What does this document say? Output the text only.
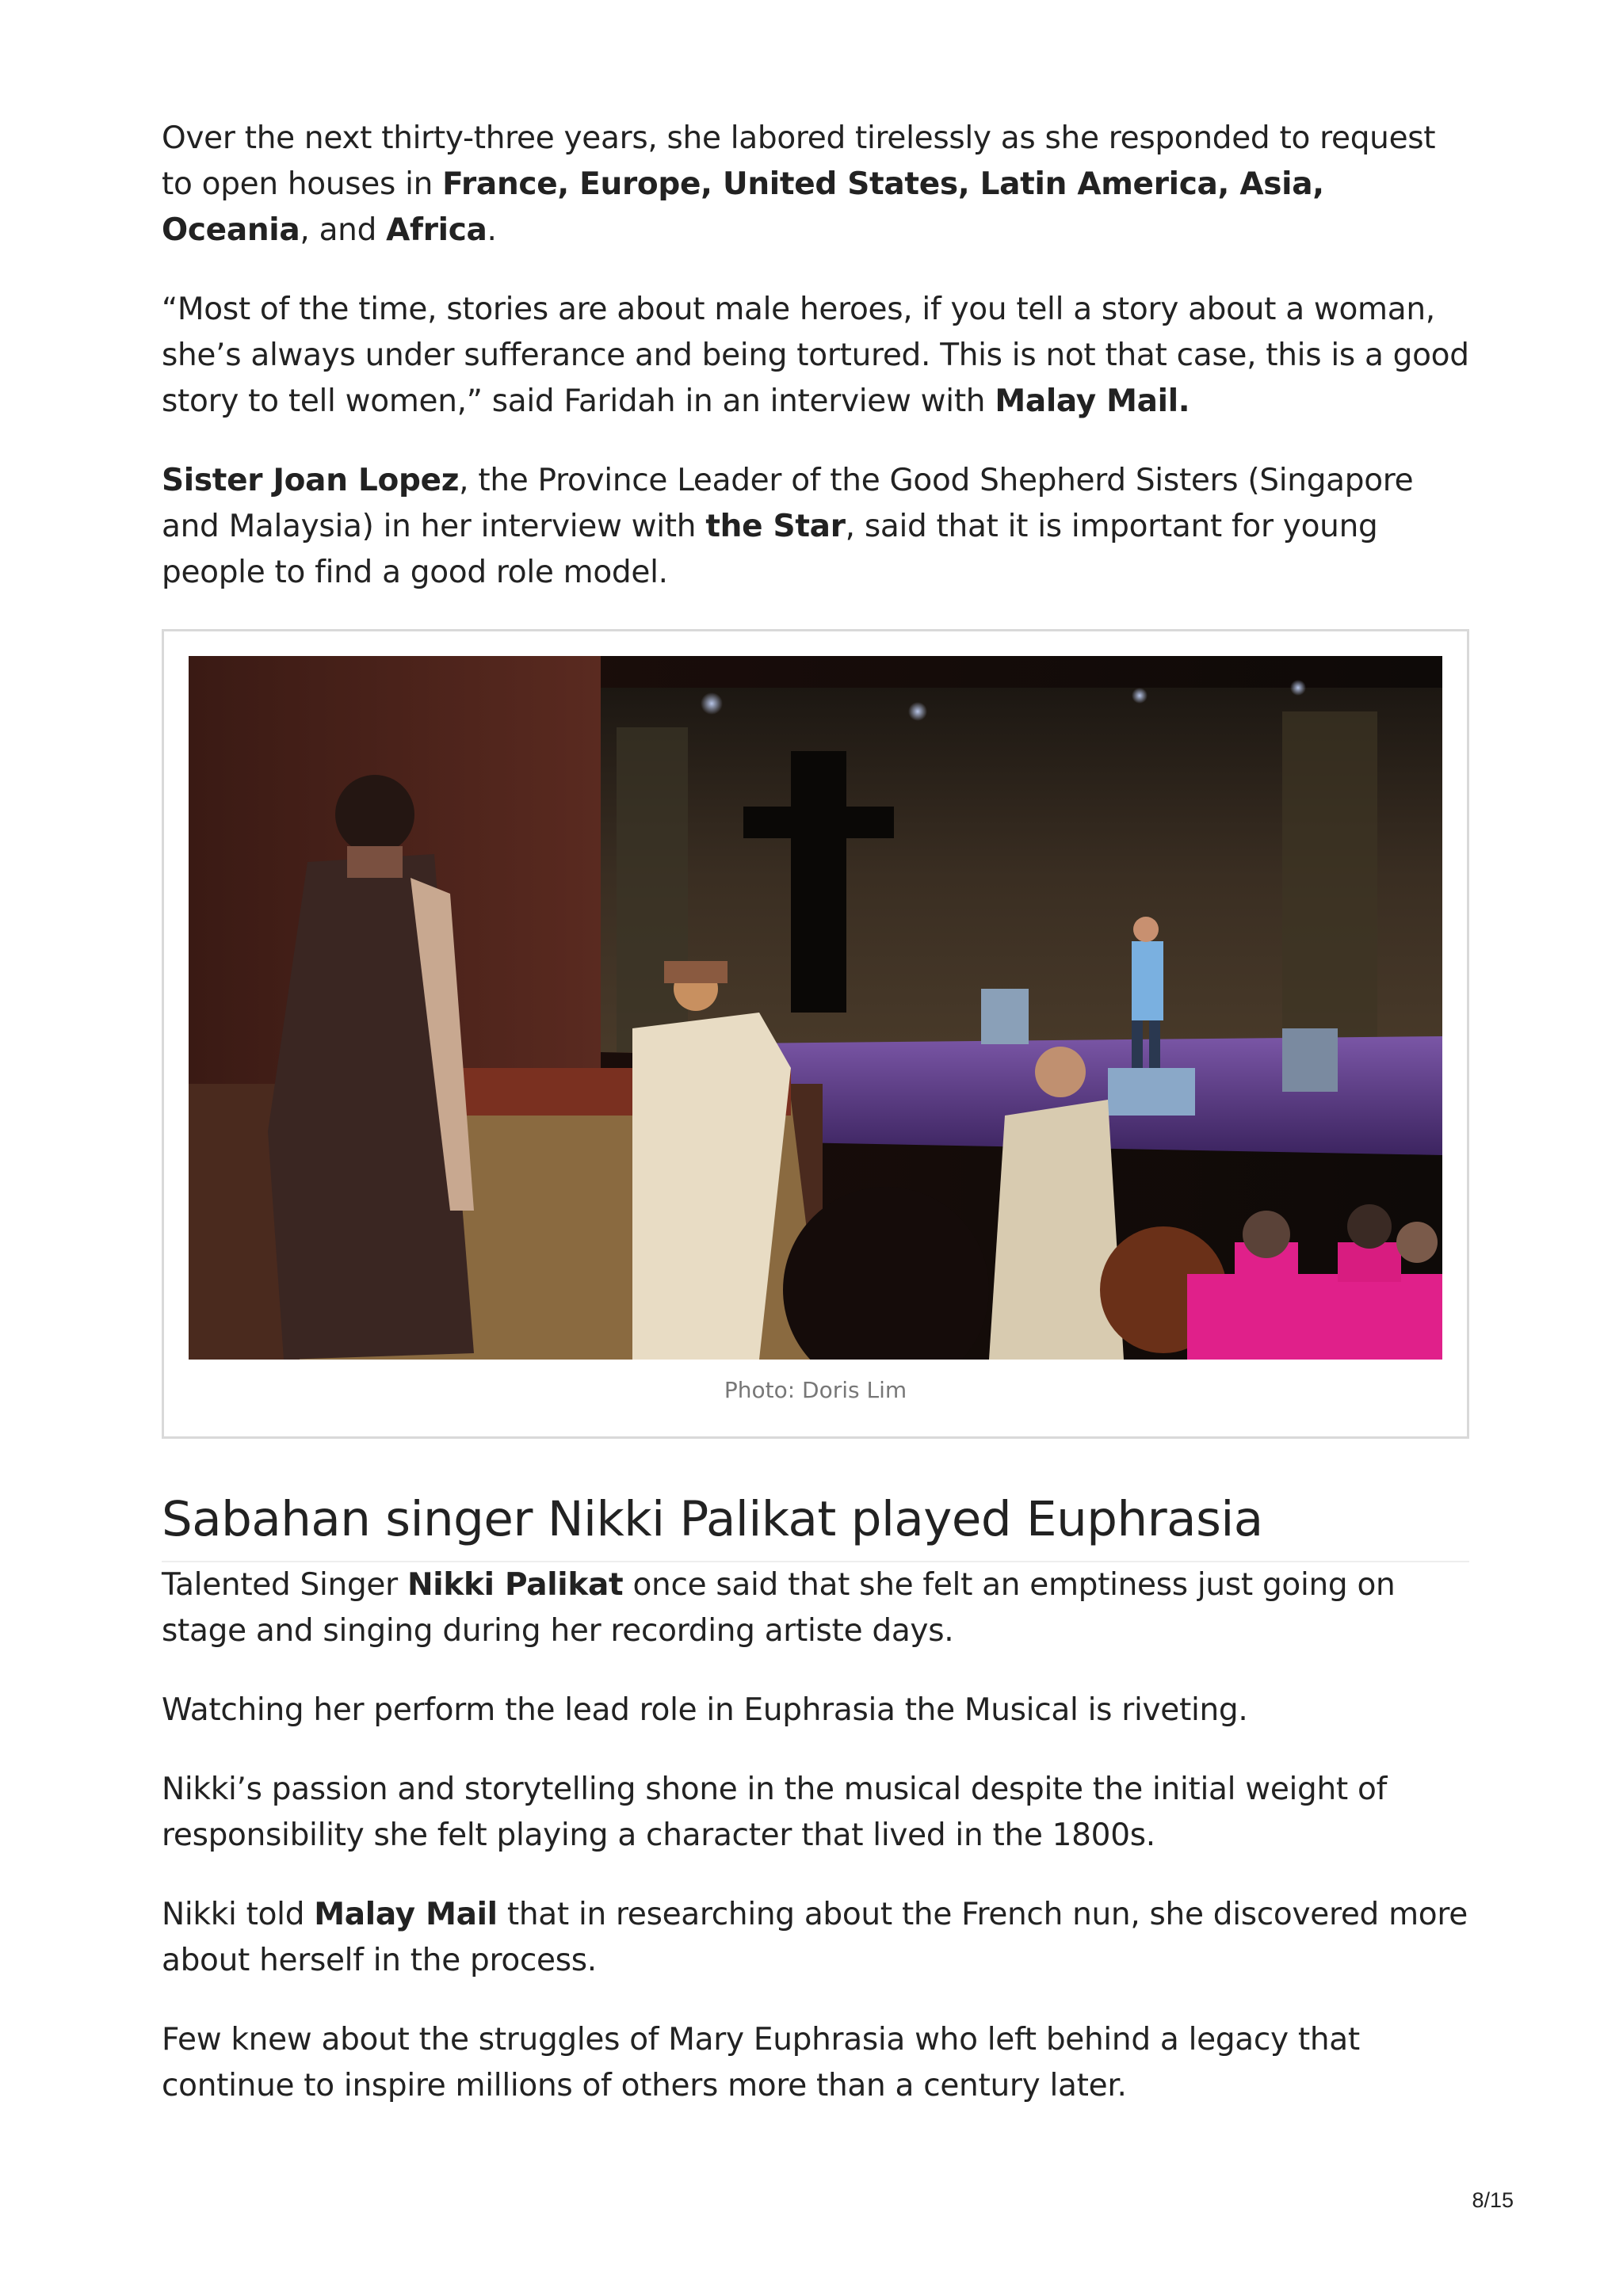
Over the next thirty-three years, she labored tirelessly as she responded to request to open houses in France, Europe, United States, Latin America, Asia, Oceania, and Africa.

“Most of the time, stories are about male heroes, if you tell a story about a woman, she’s always under sufferance and being tortured. This is not that case, this is a good story to tell women,” said Faridah in an interview with Malay Mail.

Sister Joan Lopez, the Province Leader of the Good Shepherd Sisters (Singapore and Malaysia) in her interview with the Star, said that it is important for young people to find a good role model.

Photo: Doris Lim
Sabahan singer Nikki Palikat played Euphrasia

Talented Singer Nikki Palikat once said that she felt an emptiness just going on stage and singing during her recording artiste days.

Watching her perform the lead role in Euphrasia the Musical is riveting.

Nikki’s passion and storytelling shone in the musical despite the initial weight of responsibility she felt playing a character that lived in the 1800s.

Nikki told Malay Mail that in researching about the French nun, she discovered more about herself in the process.

Few knew about the struggles of Mary Euphrasia who left behind a legacy that continue to inspire millions of others more than a century later.

8/15
